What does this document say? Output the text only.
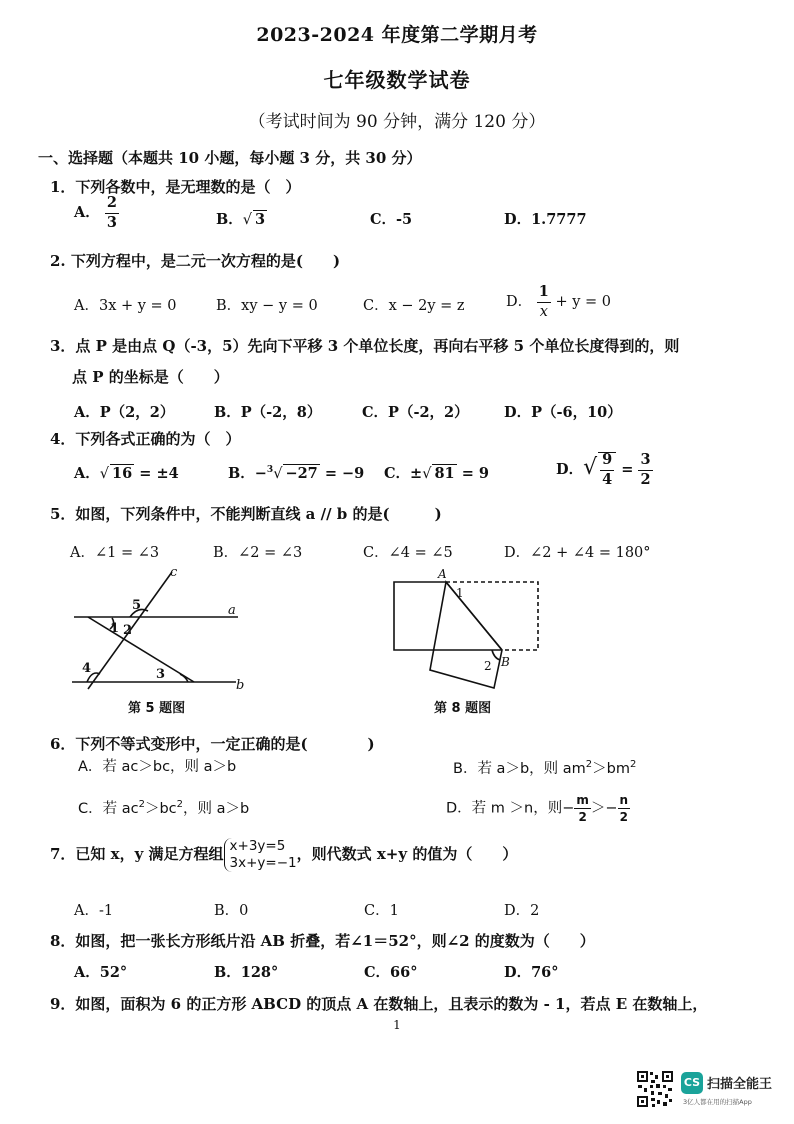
2023-2024 年度第二学期月考
七年级数学试卷
（考试时间为 90 分钟，满分 120 分）
一、选择题（本题共 10 小题，每小题 3 分，共 30 分）
1．下列各数中，是无理数的是（　）
A． $\frac{2}{3}$	B．√ 3	C．-5	D．1.7777
2. 下列方程中，是二元一次方程的是(　　)
A．3x + y = 0	B．xy − y = 0	C．x − 2y = z	D． $\frac{1}{x} + y = 0$
3．点 P 是由点 Q（-3，5）先向下平移 3 个单位长度，再向右平移 5 个单位长度得到的，则
点 P 的坐标是（　　）
A．P（2，2）	B．P（-2，8）	C．P（-2，2） D．P（-6，10）
4．下列各式正确的为（　）
A．√ 16 = ±4	B．−$^3$√ −27 = −9 C．±√ 81 = 9	D．√ $\frac{9}{4} = \frac{3}{2}$
5．如图，下列条件中，不能判断直线 a // b 的是(　　　)
A．∠1 = ∠3	B．∠2 = ∠3	C．∠4 = ∠5	D．∠2 + ∠4 = 180°
c
a
b
5
1 2
4	3
第 5 题图
A
1
2 B
第 8 题图
6．下列不等式变形中，一定正确的是(　　　　)
A．若 ac＞bc，则 a＞b	B．若 a＞b，则 $am^2>bm^2$
C．若 $ac^2>bc^2$，则 a＞b	D．若 m ＞n，则− $\frac{m}{2} >- \frac{n}{2}$
7．已知 x，y 满足方程组 x+3y=5
3x+y=−1 ，则代数式 x+y 的值为（　　）
A．-1	B．0	C．1	D．2
8．如图，把一张长方形纸片沿 AB 折叠，若∠1＝52°，则∠2 的度数为（　　）
A．52°	B．128°	C．66°	D．76°
9．如图，面积为 6 的正方形 ABCD 的顶点 A 在数轴上，且表示的数为 - 1，若点 E 在数轴上，
1
CS 扫描全能王
3亿人都在用的扫描App
